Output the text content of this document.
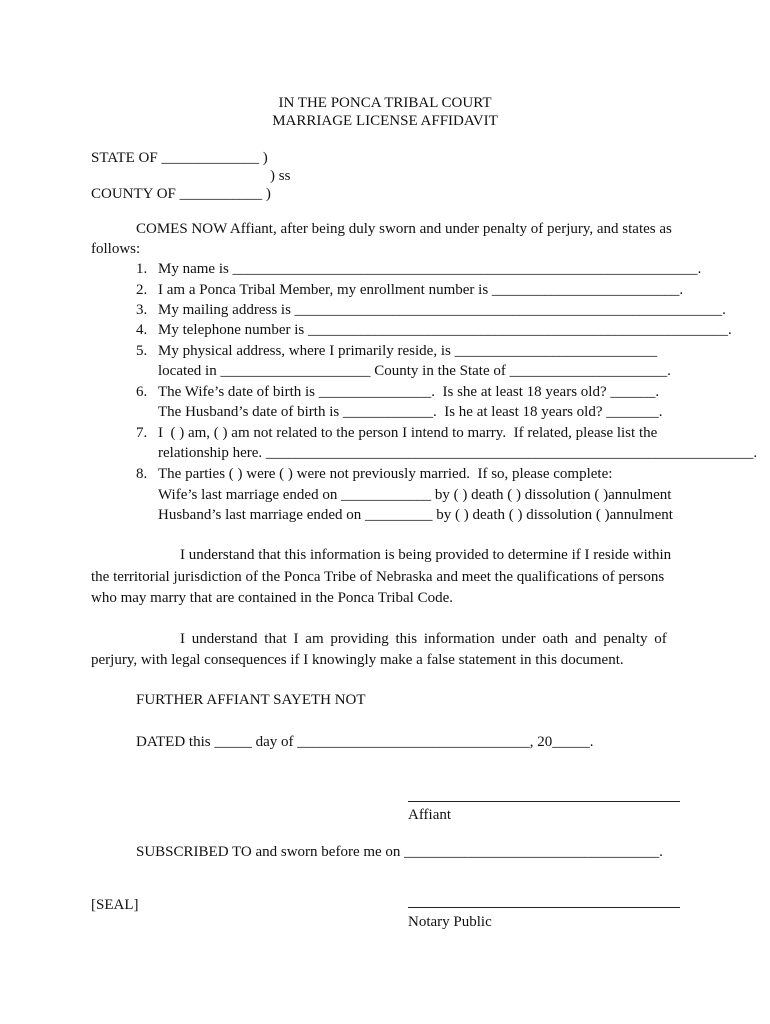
IN THE PONCA TRIBAL COURT
MARRIAGE LICENSE AFFIDAVIT
STATE OF _____________ )
) ss
COUNTY OF ___________ )
COMES NOW Affiant, after being duly sworn and under penalty of perjury, and states as
follows:
1. My name is ______________________________________________________________.
2. I am a Ponca Tribal Member, my enrollment number is _________________________.
3. My mailing address is _________________________________________________________.
4. My telephone number is ________________________________________________________.
5. My physical address, where I primarily reside, is ___________________________
located in ____________________ County in the State of _____________________.
6. The Wife’s date of birth is _______________.  Is she at least 18 years old? ______.
The Husband’s date of birth is ____________.  Is he at least 18 years old? _______.
7. I  ( ) am, ( ) am not related to the person I intend to marry.  If related, please list the
relationship here. _________________________________________________________________.
8. The parties ( ) were ( ) were not previously married.  If so, please complete:
Wife’s last marriage ended on ____________ by ( ) death ( ) dissolution ( )annulment
Husband’s last marriage ended on _________ by ( ) death ( ) dissolution ( )annulment
I understand that this information is being provided to determine if I reside within
the territorial jurisdiction of the Ponca Tribe of Nebraska and meet the qualifications of persons
who may marry that are contained in the Ponca Tribal Code.
I understand that I am providing this information under oath and penalty of
perjury, with legal consequences if I knowingly make a false statement in this document.
FURTHER AFFIANT SAYETH NOT
DATED this _____ day of _______________________________, 20_____.
Affiant
SUBSCRIBED TO and sworn before me on __________________________________.
[SEAL]
Notary Public
